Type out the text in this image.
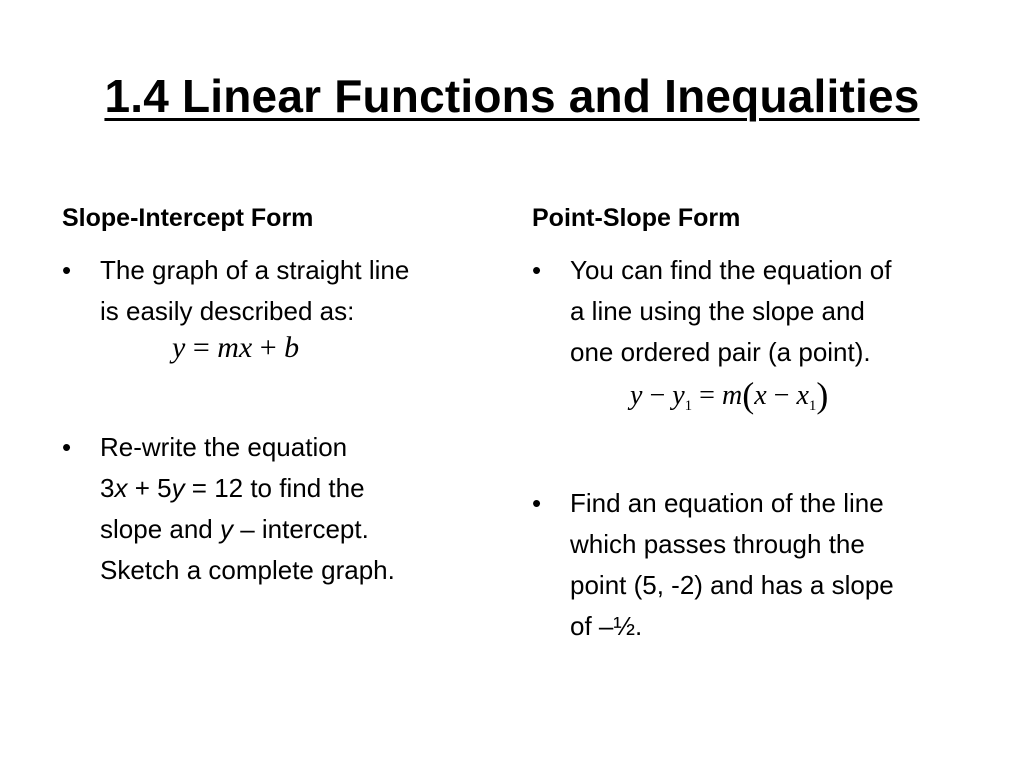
1.4 Linear Functions and Inequalities
Slope-Intercept Form
• The graph of a straight line
is easily described as:
y = mx + b
• Re-write the equation
3x + 5y = 12 to find the
slope and y – intercept.
Sketch a complete graph.
Point-Slope Form
• You can find the equation of
a line using the slope and
one ordered pair (a point).
$y - y_1 = m(x - x_1)$
• Find an equation of the line
which passes through the
point (5, -2) and has a slope
of –½.
